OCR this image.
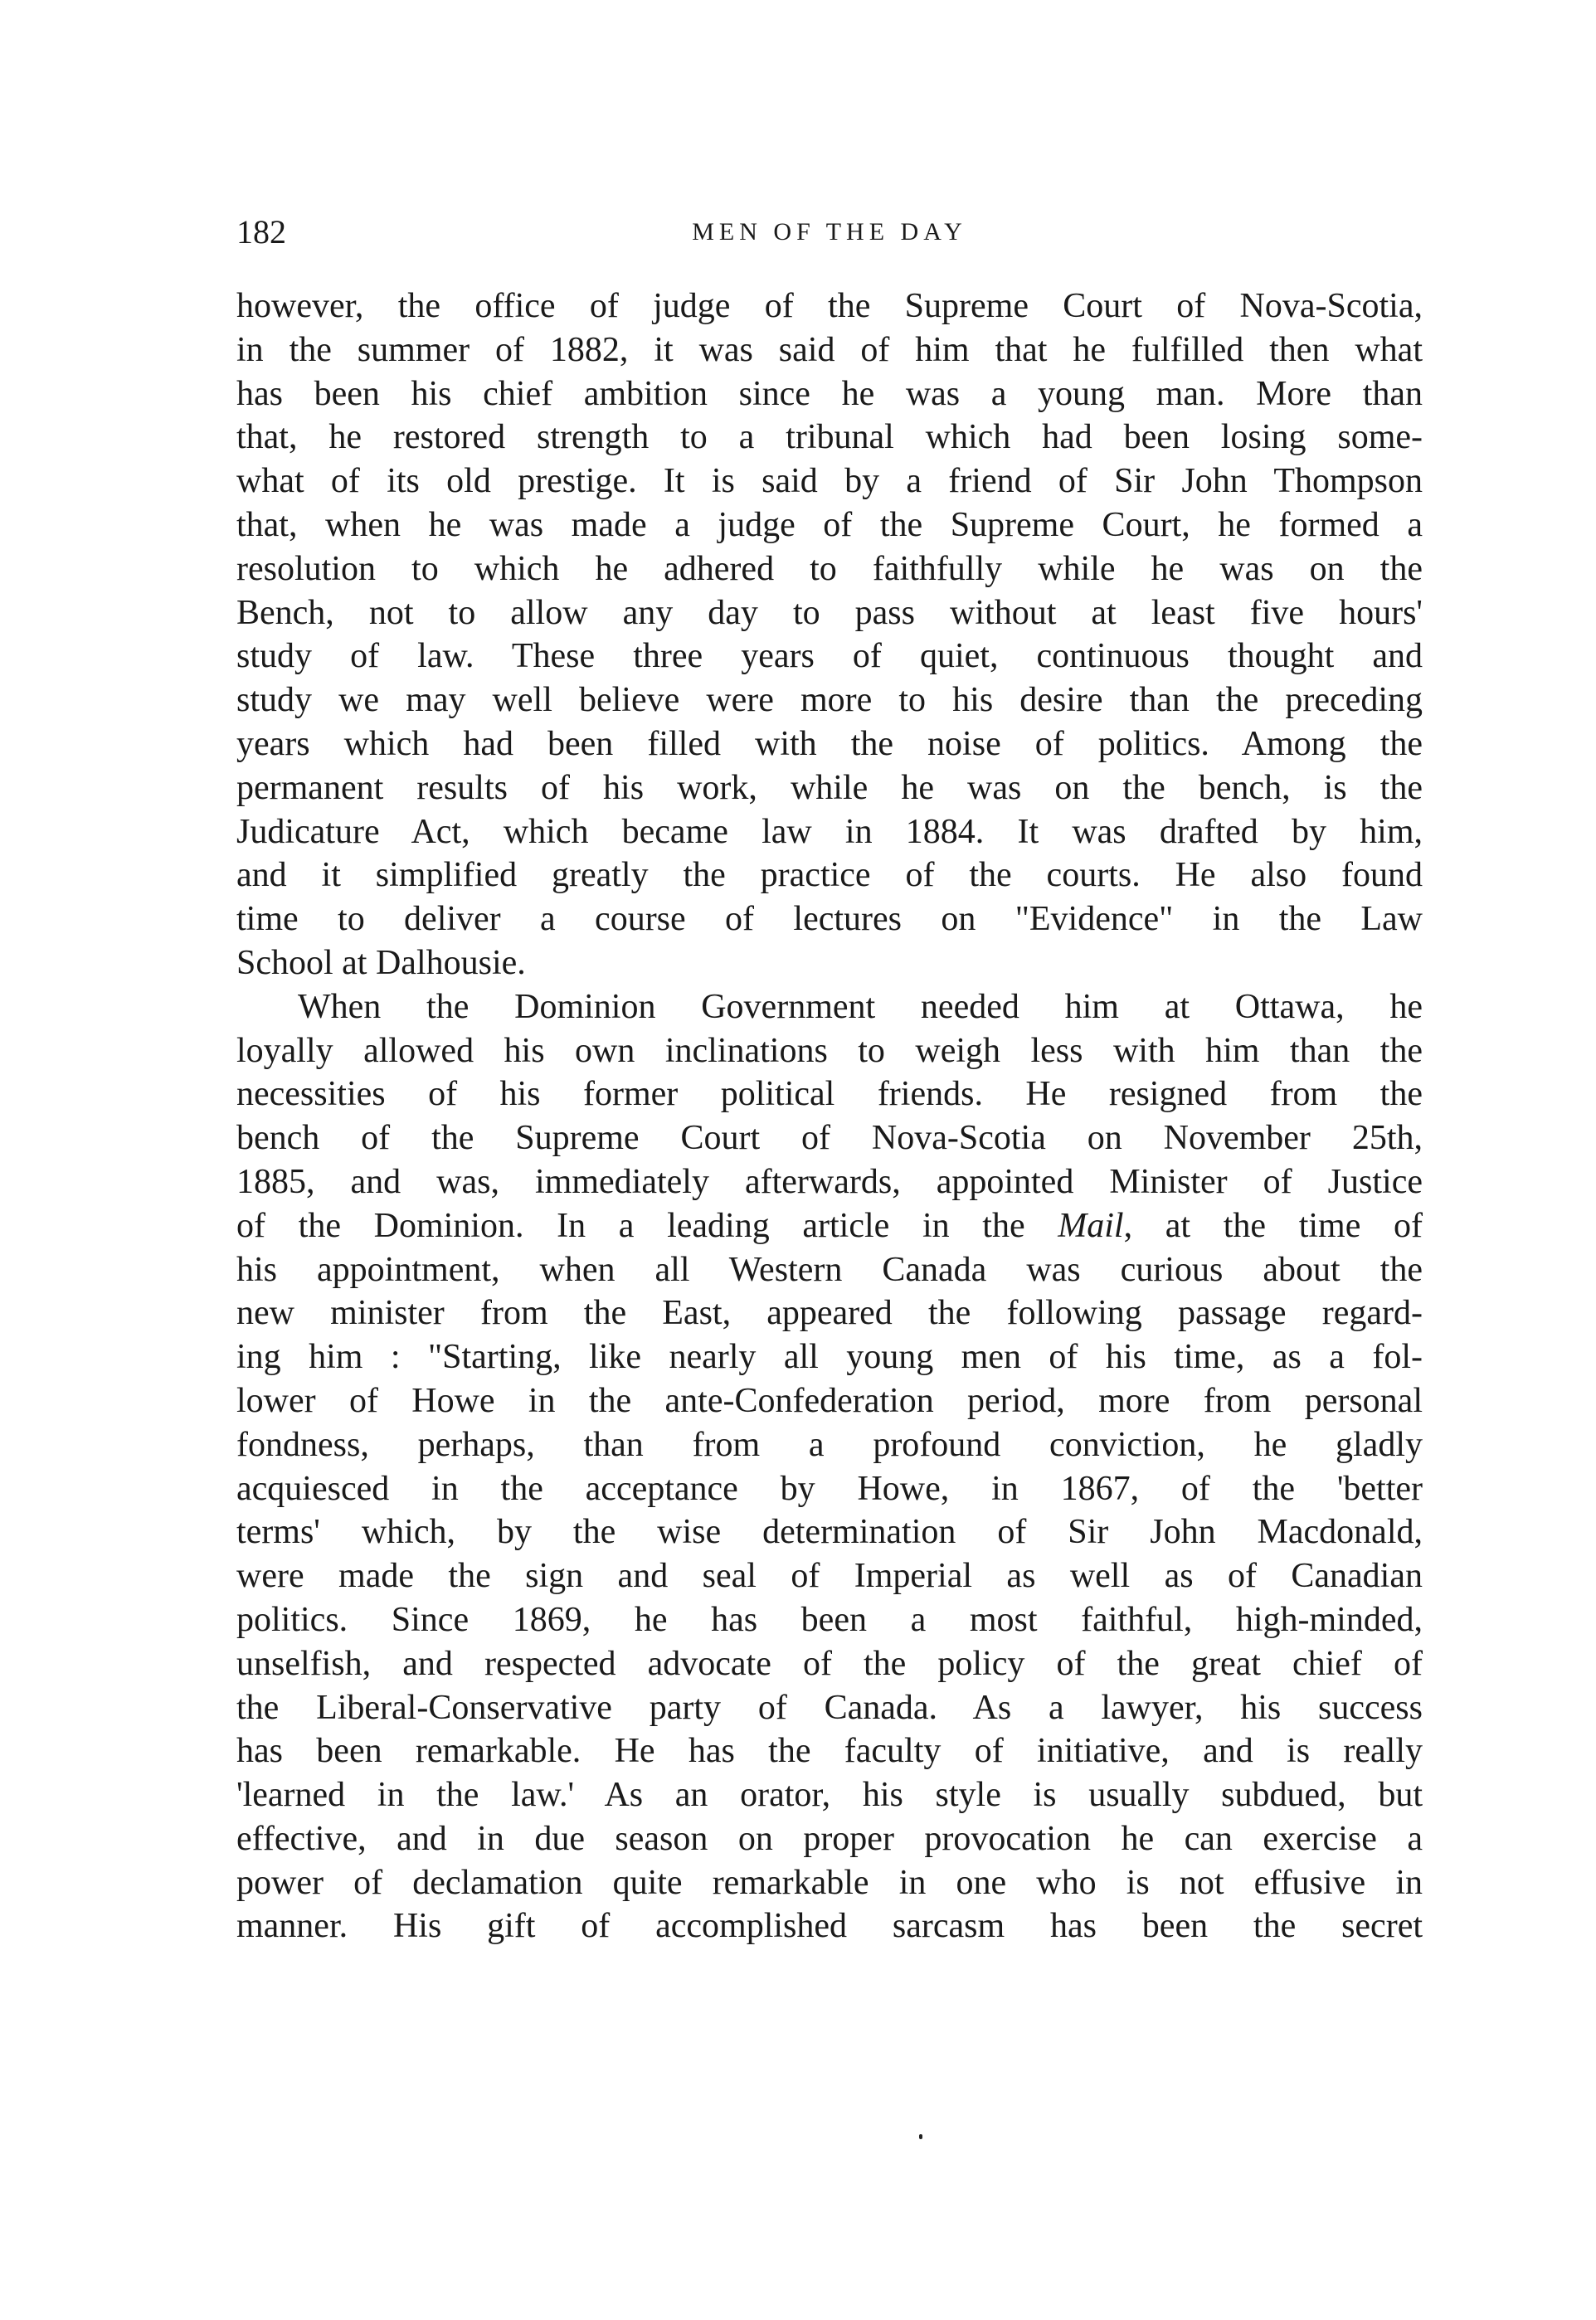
182	MEN OF THE DAY
however, the office of judge of the Supreme Court of Nova-Scotia,
in the summer of 1882, it was said of him that he fulfilled then what
has been his chief ambition since he was a young man. More than
that, he restored strength to a tribunal which had been losing some-
what of its old prestige. It is said by a friend of Sir John Thompson
that, when he was made a judge of the Supreme Court, he formed a
resolution to which he adhered to faithfully while he was on the
Bench, not to allow any day to pass without at least five hours'
study of law. These three years of quiet, continuous thought and
study we may well believe were more to his desire than the preceding
years which had been filled with the noise of politics. Among the
permanent results of his work, while he was on the bench, is the
Judicature Act, which became law in 1884. It was drafted by him,
and it simplified greatly the practice of the courts. He also found
time to deliver a course of lectures on "Evidence" in the Law
School at Dalhousie.
When the Dominion Government needed him at Ottawa, he
loyally allowed his own inclinations to weigh less with him than the
necessities of his former political friends. He resigned from the
bench of the Supreme Court of Nova-Scotia on November 25th,
1885, and was, immediately afterwards, appointed Minister of Justice
of the Dominion. In a leading article in the Mail, at the time of
his appointment, when all Western Canada was curious about the
new minister from the East, appeared the following passage regard-
ing him : "Starting, like nearly all young men of his time, as a fol-
lower of Howe in the ante-Confederation period, more from personal
fondness, perhaps, than from a profound conviction, he gladly
acquiesced in the acceptance by Howe, in 1867, of the 'better
terms' which, by the wise determination of Sir John Macdonald,
were made the sign and seal of Imperial as well as of Canadian
politics. Since 1869, he has been a most faithful, high-minded,
unselfish, and respected advocate of the policy of the great chief of
the Liberal-Conservative party of Canada. As a lawyer, his success
has been remarkable. He has the faculty of initiative, and is really
'learned in the law.' As an orator, his style is usually subdued, but
effective, and in due season on proper provocation he can exercise a
power of declamation quite remarkable in one who is not effusive in
manner. His gift of accomplished sarcasm has been the secret
